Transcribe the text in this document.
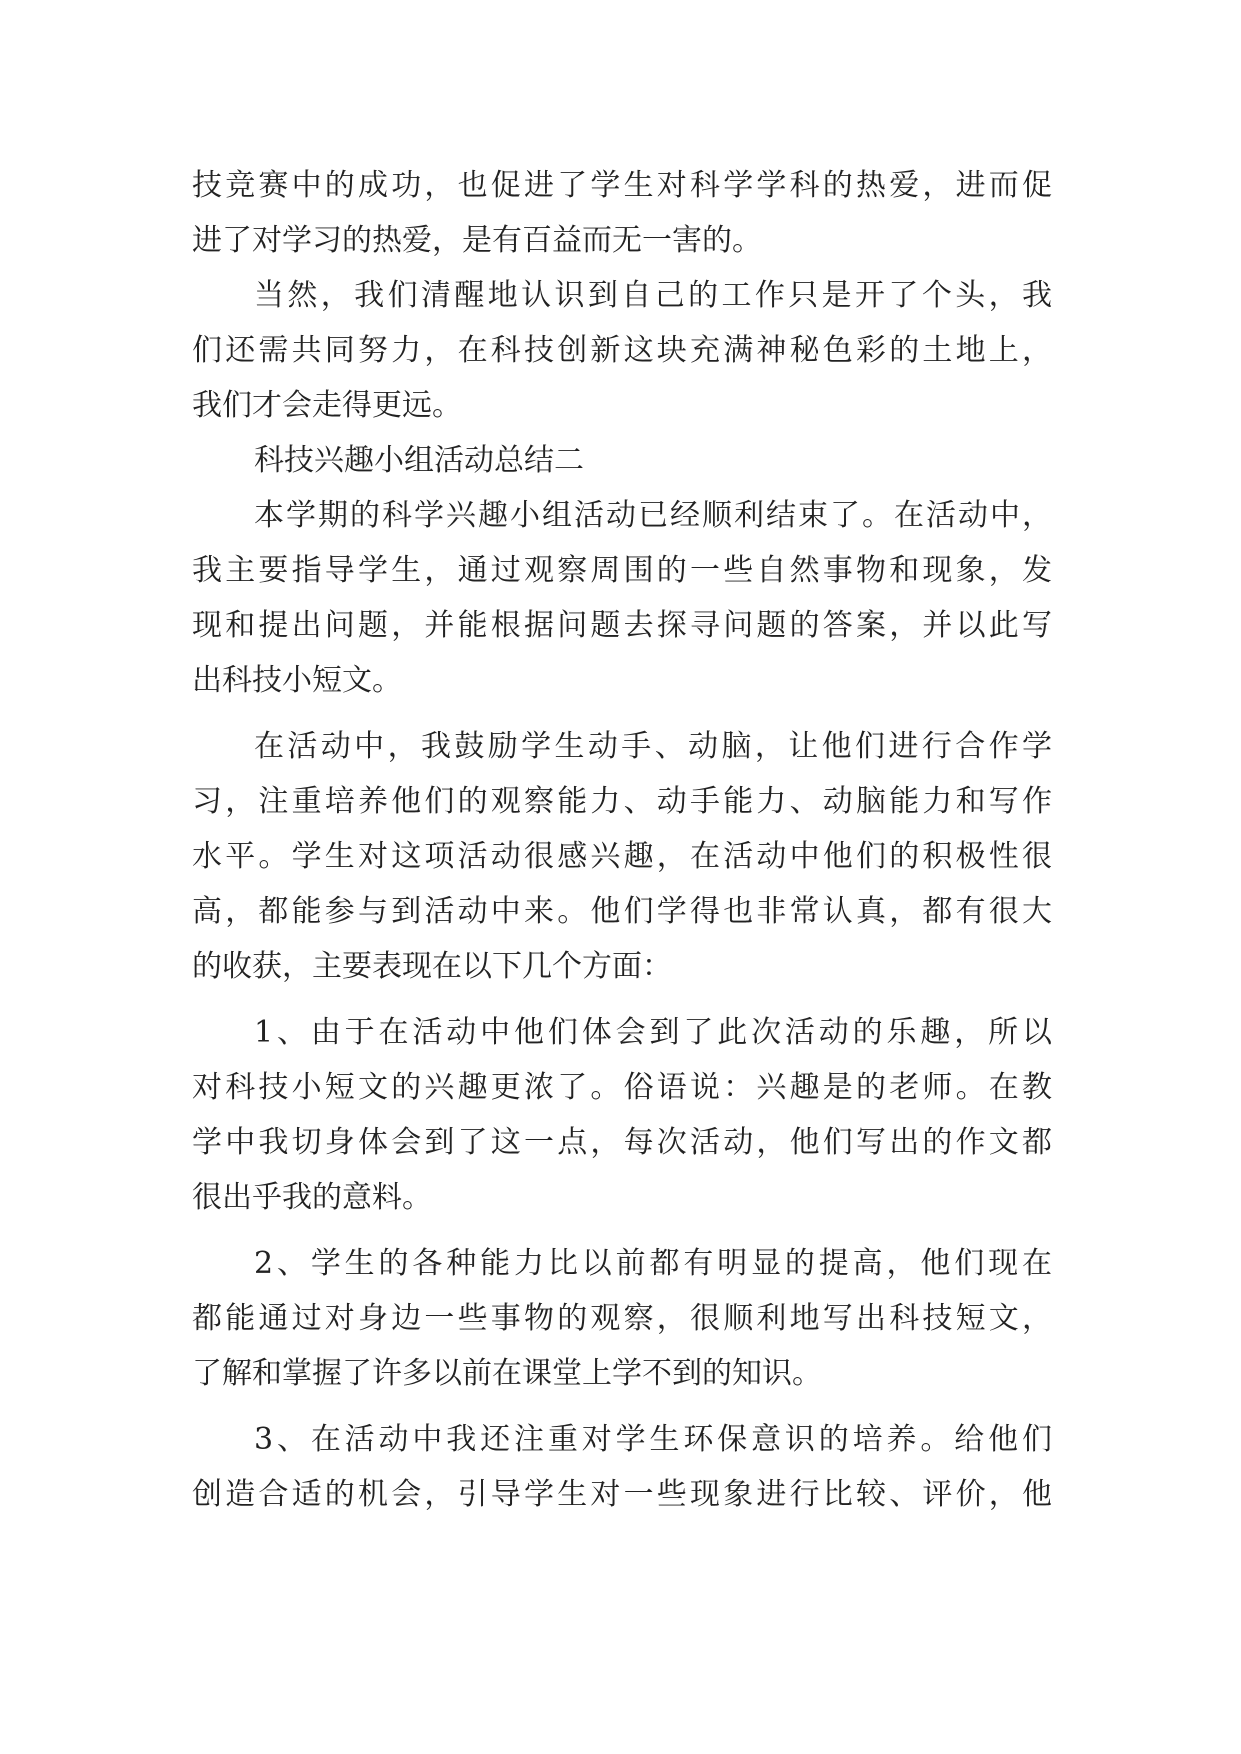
技竞赛中的成功，也促进了学生对科学学科的热爱，进而促
进了对学习的热爱，是有百益而无一害的。
当然，我们清醒地认识到自己的工作只是开了个头，我
们还需共同努力，在科技创新这块充满神秘色彩的土地上，
我们才会走得更远。
科技兴趣小组活动总结二
本学期的科学兴趣小组活动已经顺利结束了。在活动中，
我主要指导学生，通过观察周围的一些自然事物和现象，发
现和提出问题，并能根据问题去探寻问题的答案，并以此写
出科技小短文。
在活动中，我鼓励学生动手、动脑，让他们进行合作学
习，注重培养他们的观察能力、动手能力、动脑能力和写作
水平。学生对这项活动很感兴趣，在活动中他们的积极性很
高，都能参与到活动中来。他们学得也非常认真，都有很大
的收获，主要表现在以下几个方面：
1、由于在活动中他们体会到了此次活动的乐趣，所以
对科技小短文的兴趣更浓了。俗语说：兴趣是的老师。在教
学中我切身体会到了这一点，每次活动，他们写出的作文都
很出乎我的意料。
2、学生的各种能力比以前都有明显的提高，他们现在
都能通过对身边一些事物的观察，很顺利地写出科技短文，
了解和掌握了许多以前在课堂上学不到的知识。
3、在活动中我还注重对学生环保意识的培养。给他们
创造合适的机会，引导学生对一些现象进行比较、评价，他
